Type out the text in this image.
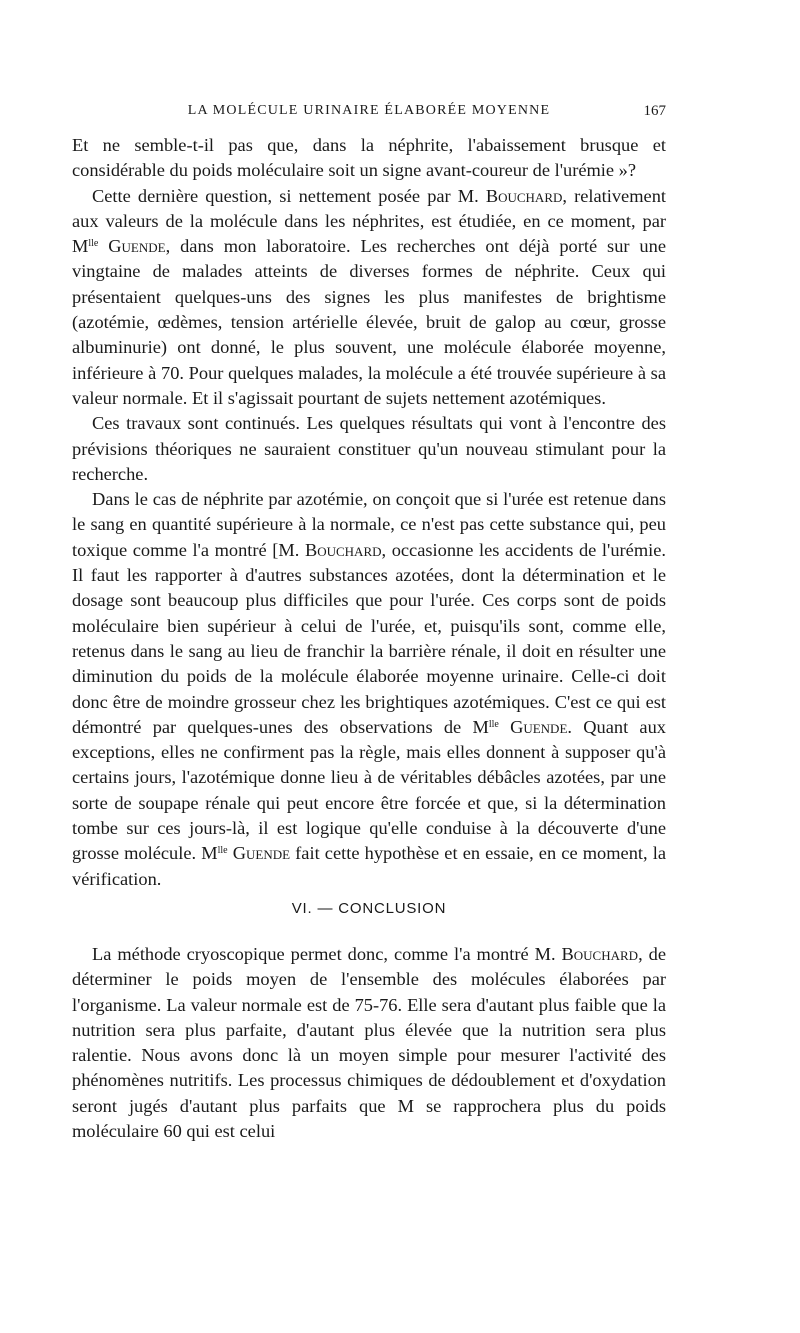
LA MOLÉCULE URINAIRE ÉLABORÉE MOYENNE	167

Et ne semble-t-il pas que, dans la néphrite, l'abaissement brusque et considérable du poids moléculaire soit un signe avant-coureur de l'urémie »?

Cette dernière question, si nettement posée par M. Bouchard, relativement aux valeurs de la molécule dans les néphrites, est étudiée, en ce moment, par $M^{lle}$ Guende, dans mon laboratoire. Les recherches ont déjà porté sur une vingtaine de malades atteints de diverses formes de néphrite. Ceux qui présentaient quelques-uns des signes les plus manifestes de brightisme (azotémie, œdèmes, tension artérielle élevée, bruit de galop au cœur, grosse albuminurie) ont donné, le plus souvent, une molécule élaborée moyenne, inférieure à 70. Pour quelques malades, la molécule a été trouvée supérieure à sa valeur normale. Et il s'agissait pourtant de sujets nettement azotémiques.

Ces travaux sont continués. Les quelques résultats qui vont à l'encontre des prévisions théoriques ne sauraient constituer qu'un nouveau stimulant pour la recherche.

Dans le cas de néphrite par azotémie, on conçoit que si l'urée est retenue dans le sang en quantité supérieure à la normale, ce n'est pas cette substance qui, peu toxique comme l'a montré [M. Bouchard, occasionne les accidents de l'urémie. Il faut les rapporter à d'autres substances azotées, dont la détermination et le dosage sont beaucoup plus difficiles que pour l'urée. Ces corps sont de poids moléculaire bien supérieur à celui de l'urée, et, puisqu'ils sont, comme elle, retenus dans le sang au lieu de franchir la barrière rénale, il doit en résulter une diminution du poids de la molécule élaborée moyenne urinaire. Celle-ci doit donc être de moindre grosseur chez les brightiques azotémiques. C'est ce qui est démontré par quelques-unes des observations de $M^{lle}$ Guende. Quant aux exceptions, elles ne confirment pas la règle, mais elles donnent à supposer qu'à certains jours, l'azotémique donne lieu à de véritables débâcles azotées, par une sorte de soupape rénale qui peut encore être forcée et que, si la détermination tombe sur ces jours-là, il est logique qu'elle conduise à la découverte d'une grosse molécule. $M^{lle}$ Guende fait cette hypothèse et en essaie, en ce moment, la vérification.

VI. — CONCLUSION

La méthode cryoscopique permet donc, comme l'a montré M. Bouchard, de déterminer le poids moyen de l'ensemble des molécules élaborées par l'organisme. La valeur normale est de 75-76. Elle sera d'autant plus faible que la nutrition sera plus parfaite, d'autant plus élevée que la nutrition sera plus ralentie. Nous avons donc là un moyen simple pour mesurer l'activité des phénomènes nutritifs. Les processus chimiques de dédoublement et d'oxydation seront jugés d'autant plus parfaits que M se rapprochera plus du poids moléculaire 60 qui est celui
